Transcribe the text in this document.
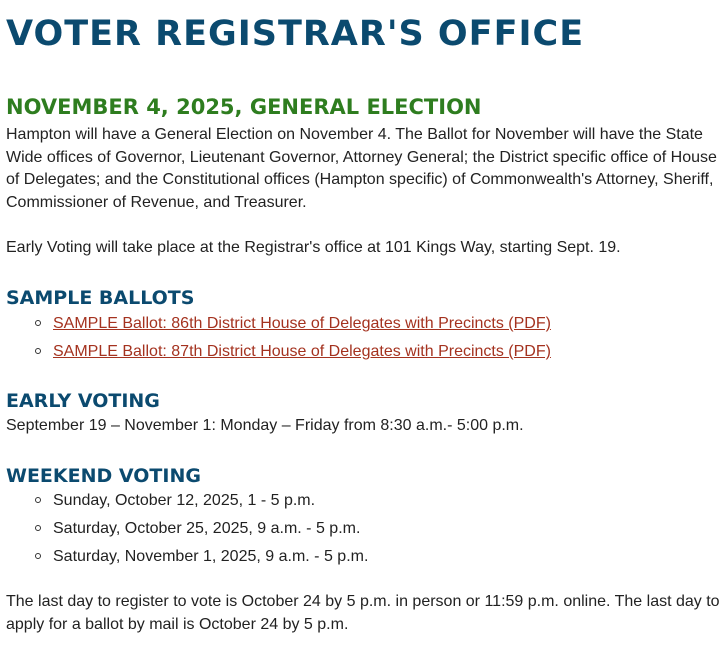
VOTER REGISTRAR'S OFFICE
NOVEMBER 4, 2025, GENERAL ELECTION

Hampton will have a General Election on November 4. The Ballot for November will have the State Wide offices of Governor, Lieutenant Governor, Attorney General; the District specific office of House of Delegates; and the Constitutional offices (Hampton specific) of Commonwealth's Attorney, Sheriff, Commissioner of Revenue, and Treasurer.

Early Voting will take place at the Registrar's office at 101 Kings Way, starting Sept. 19.

SAMPLE BALLOTS
SAMPLE Ballot: 86th District House of Delegates with Precincts (PDF)
SAMPLE Ballot: 87th District House of Delegates with Precincts (PDF)
EARLY VOTING

September 19 – November 1: Monday – Friday from 8:30 a.m.- 5:00 p.m.

WEEKEND VOTING
Sunday, October 12, 2025, 1 - 5 p.m.
Saturday, October 25, 2025, 9 a.m. - 5 p.m.
Saturday, November 1, 2025, 9 a.m. - 5 p.m.

The last day to register to vote is October 24 by 5 p.m. in person or 11:59 p.m. online. The last day to apply for a ballot by mail is October 24 by 5 p.m.
